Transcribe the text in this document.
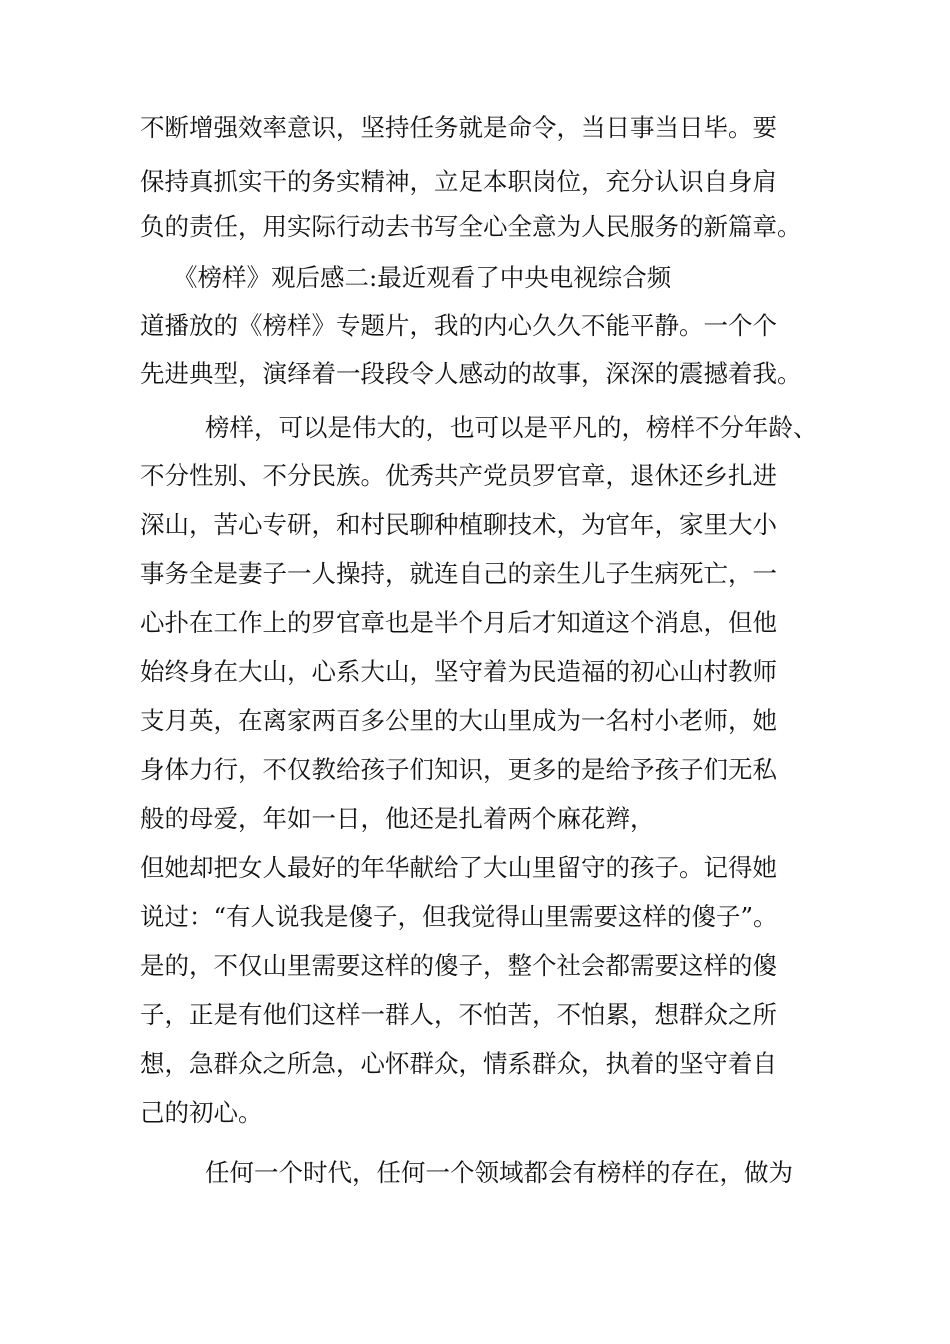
不断增强效率意识，坚持任务就是命令，当日事当日毕。要
保持真抓实干的务实精神，立足本职岗位，充分认识自身肩
负的责任，用实际行动去书写全心全意为人民服务的新篇章。
《榜样》观后感二:最近观看了中央电视综合频
道播放的《榜样》专题片，我的内心久久不能平静。一个个
先进典型，演绎着一段段令人感动的故事，深深的震撼着我。
榜样，可以是伟大的，也可以是平凡的，榜样不分年龄、
不分性别、不分民族。优秀共产党员罗官章，退休还乡扎进
深山，苦心专研，和村民聊种植聊技术，为官年，家里大小
事务全是妻子一人操持，就连自己的亲生儿子生病死亡，一
心扑在工作上的罗官章也是半个月后才知道这个消息，但他
始终身在大山，心系大山，坚守着为民造福的初心山村教师
支月英，在离家两百多公里的大山里成为一名村小老师，她
身体力行，不仅教给孩子们知识，更多的是给予孩子们无私
般的母爱，年如一日，他还是扎着两个麻花辫，
但她却把女人最好的年华献给了大山里留守的孩子。记得她
说过：“有人说我是傻子，但我觉得山里需要这样的傻子”。
是的，不仅山里需要这样的傻子，整个社会都需要这样的傻
子，正是有他们这样一群人，不怕苦，不怕累，想群众之所
想，急群众之所急，心怀群众，情系群众，执着的坚守着自
己的初心。
任何一个时代，任何一个领域都会有榜样的存在，做为
